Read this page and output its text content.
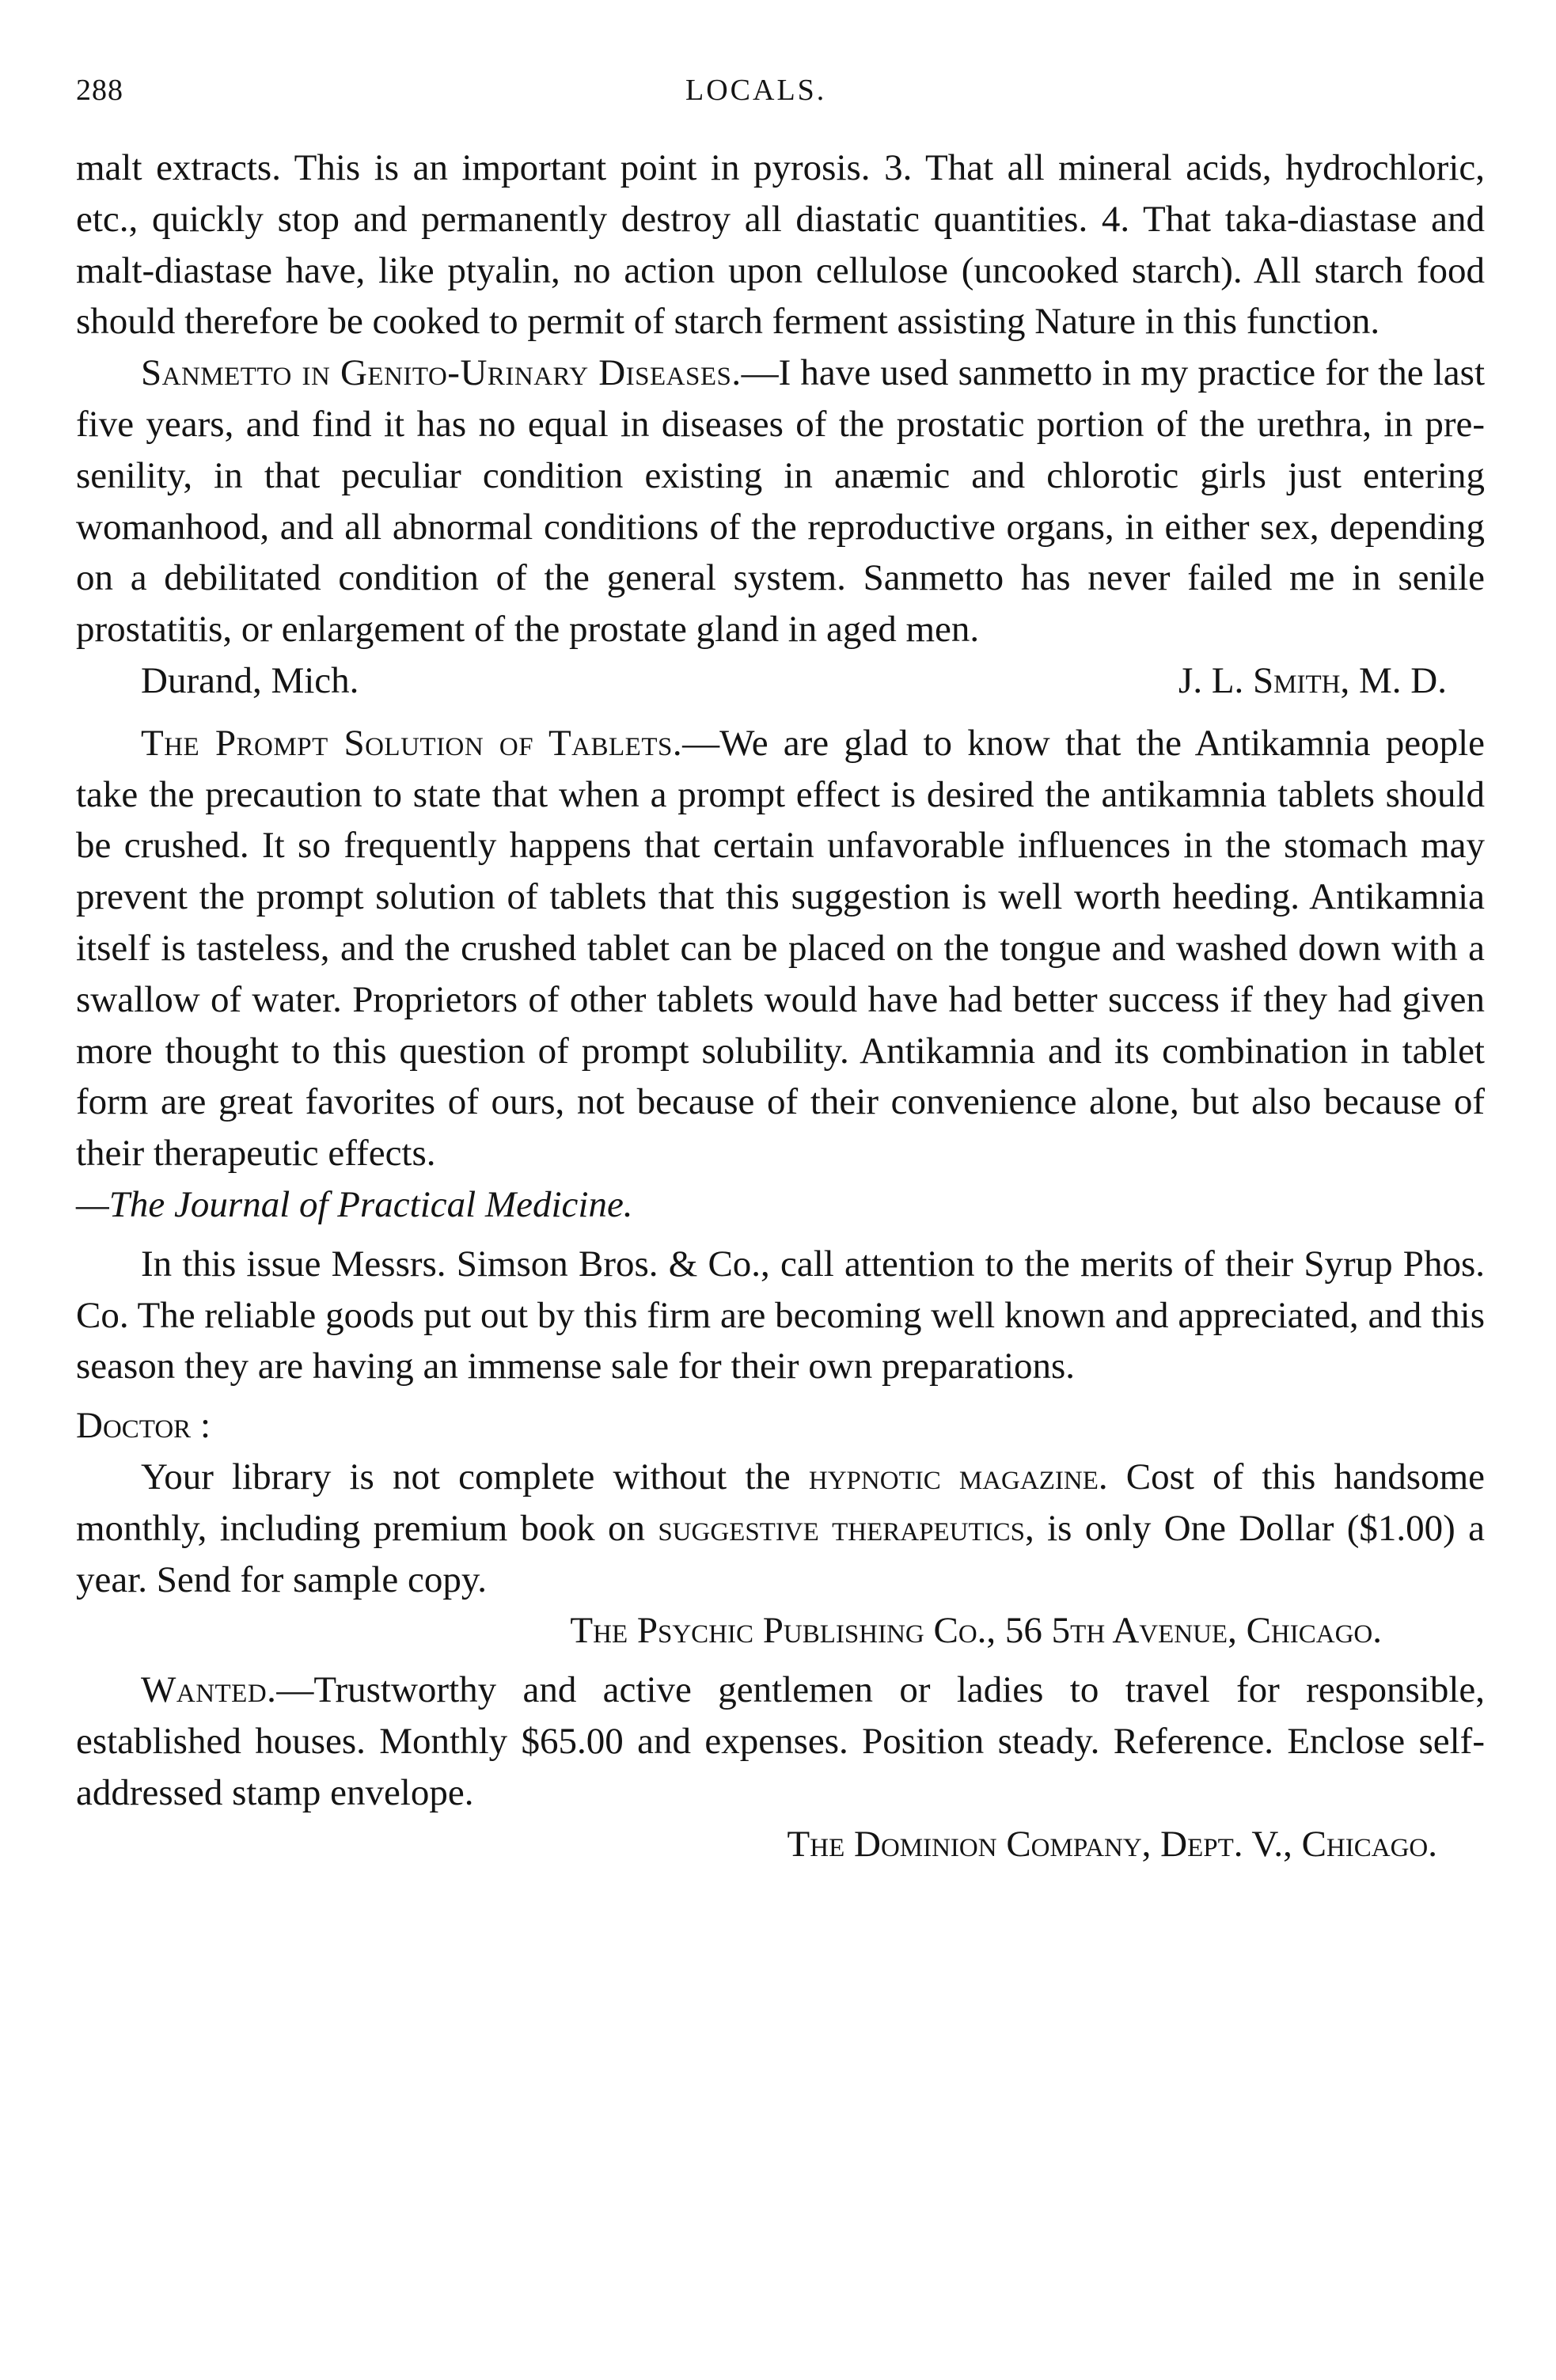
288	LOCALS.

malt extracts. This is an important point in pyrosis. 3. That all mineral acids, hydrochloric, etc., quickly stop and permanently destroy all diastatic quantities. 4. That taka-diastase and malt-diastase have, like ptyalin, no action upon cellulose (uncooked starch). All starch food should therefore be cooked to permit of starch ferment assisting Nature in this function.

Sanmetto in Genito-Urinary Diseases.—I have used sanmetto in my practice for the last five years, and find it has no equal in diseases of the prostatic portion of the urethra, in pre-senility, in that peculiar condition existing in anæmic and chlorotic girls just entering womanhood, and all abnormal conditions of the reproductive organs, in either sex, depending on a debilitated condition of the general system. Sanmetto has never failed me in senile prostatitis, or enlargement of the prostate gland in aged men.

Durand, Mich.	J. L. Smith, M. D.

The Prompt Solution of Tablets.—We are glad to know that the Antikamnia people take the precaution to state that when a prompt effect is desired the antikamnia tablets should be crushed. It so frequently happens that certain unfavorable influences in the stomach may prevent the prompt solution of tablets that this suggestion is well worth heeding. Antikamnia itself is tasteless, and the crushed tablet can be placed on the tongue and washed down with a swallow of water. Proprietors of other tablets would have had better success if they had given more thought to this question of prompt solubility. Antikamnia and its combination in tablet form are great favorites of ours, not because of their convenience alone, but also because of their therapeutic effects.

—The Journal of Practical Medicine.

In this issue Messrs. Simson Bros. & Co., call attention to the merits of their Syrup Phos. Co. The reliable goods put out by this firm are becoming well known and appreciated, and this season they are having an immense sale for their own preparations.

Doctor :

Your library is not complete without the hypnotic magazine. Cost of this handsome monthly, including premium book on suggestive therapeutics, is only One Dollar ($1.00) a year. Send for sample copy.

The Psychic Publishing Co., 56 5th Avenue, Chicago.

Wanted.—Trustworthy and active gentlemen or ladies to travel for responsible, established houses. Monthly $65.00 and expenses. Position steady. Reference. Enclose self-addressed stamp envelope.

The Dominion Company, Dept. V., Chicago.
